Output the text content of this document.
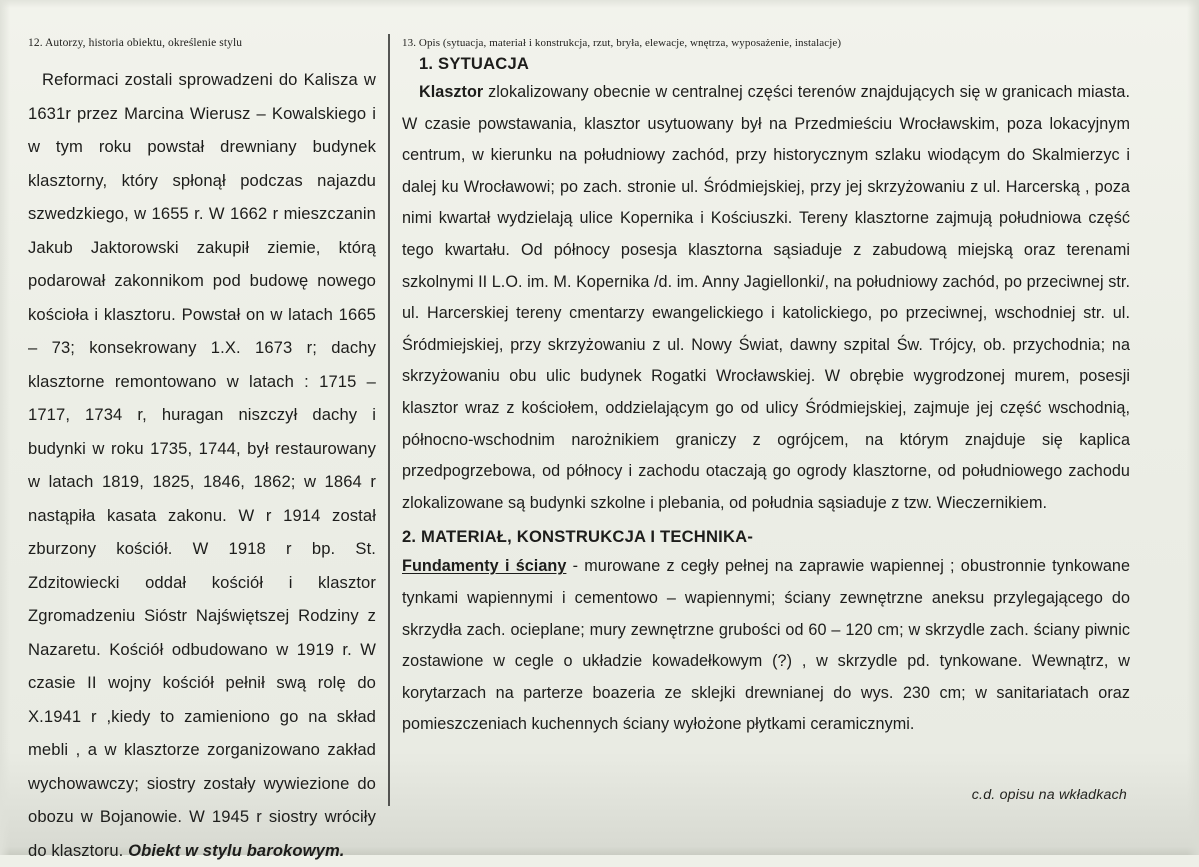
12. Autorzy, historia obiektu, określenie stylu
Reformaci zostali sprowadzeni do Kalisza w 1631r przez Marcina Wierusz – Kowalskiego i w tym roku powstał drewniany budynek klasztorny, który spłonął podczas najazdu szwedzkiego, w 1655 r. W 1662 r mieszczanin Jakub Jaktorowski zakupił ziemie, którą podarował zakonnikom pod budowę nowego kościoła i klasztoru. Powstał on w latach 1665 – 73; konsekrowany 1.X. 1673 r; dachy klasztorne remontowano w latach : 1715 – 1717, 1734 r, huragan niszczył dachy i budynki w roku 1735, 1744, był restaurowany w latach 1819, 1825, 1846, 1862; w 1864 r nastąpiła kasata zakonu. W r 1914 został zburzony kościół. W 1918 r bp. St. Zdzitowiecki oddał kościół i klasztor Zgromadzeniu Sióstr Najświętszej Rodziny z Nazaretu. Kościół odbudowano w 1919 r. W czasie II wojny kościół pełnił swą rolę do X.1941 r ,kiedy to zamieniono go na skład mebli , a w klasztorze zorganizowano zakład wychowawczy; siostry zostały wywiezione do obozu w Bojanowie. W 1945 r siostry wróciły do klasztoru. Obiekt w stylu barokowym.
13. Opis (sytuacja, materiał i konstrukcja, rzut, bryła, elewacje, wnętrza, wyposażenie, instalacje)
1. SYTUACJA

Klasztor zlokalizowany obecnie w centralnej części terenów znajdujących się w granicach miasta. W czasie powstawania, klasztor usytuowany był na Przedmieściu Wrocławskim, poza lokacyjnym centrum, w kierunku na południowy zachód, przy historycznym szlaku wiodącym do Skalmierzyc i dalej ku Wrocławowi; po zach. stronie ul. Śródmiejskiej, przy jej skrzyżowaniu z ul. Harcerską , poza nimi kwartał wydzielają ulice Kopernika i Kościuszki. Tereny klasztorne zajmują południowa część tego kwartału. Od północy posesja klasztorna sąsiaduje z zabudową miejską oraz terenami szkolnymi II L.O. im. M. Kopernika /d. im. Anny Jagiellonki/, na południowy zachód, po przeciwnej str. ul. Harcerskiej tereny cmentarzy ewangelickiego i katolickiego, po przeciwnej, wschodniej str. ul. Śródmiejskiej, przy skrzyżowaniu z ul. Nowy Świat, dawny szpital Św. Trójcy, ob. przychodnia; na skrzyżowaniu obu ulic budynek Rogatki Wrocławskiej. W obrębie wygrodzonej murem, posesji klasztor wraz z kościołem, oddzielającym go od ulicy Śródmiejskiej, zajmuje jej część wschodnią, północno-wschodnim narożnikiem graniczy z ogrójcem, na którym znajduje się kaplica przedpogrzebowa, od północy i zachodu otaczają go ogrody klasztorne, od południowego zachodu zlokalizowane są budynki szkolne i plebania, od południa sąsiaduje z tzw. Wieczernikiem.

2. MATERIAŁ, KONSTRUKCJA I TECHNIKA-

Fundamenty i ściany - murowane z cegły pełnej na zaprawie wapiennej ; obustronnie tynkowane tynkami wapiennymi i cementowo – wapiennymi; ściany zewnętrzne aneksu przylegającego do skrzydła zach. ocieplane; mury zewnętrzne grubości od 60 – 120 cm; w skrzydle zach. ściany piwnic zostawione w cegle o układzie kowadełkowym (?) , w skrzydle pd. tynkowane. Wewnątrz, w korytarzach na parterze boazeria ze sklejki drewnianej do wys. 230 cm; w sanitariatach oraz pomieszczeniach kuchennych ściany wyłożone płytkami ceramicznymi.

c.d. opisu na wkładkach
